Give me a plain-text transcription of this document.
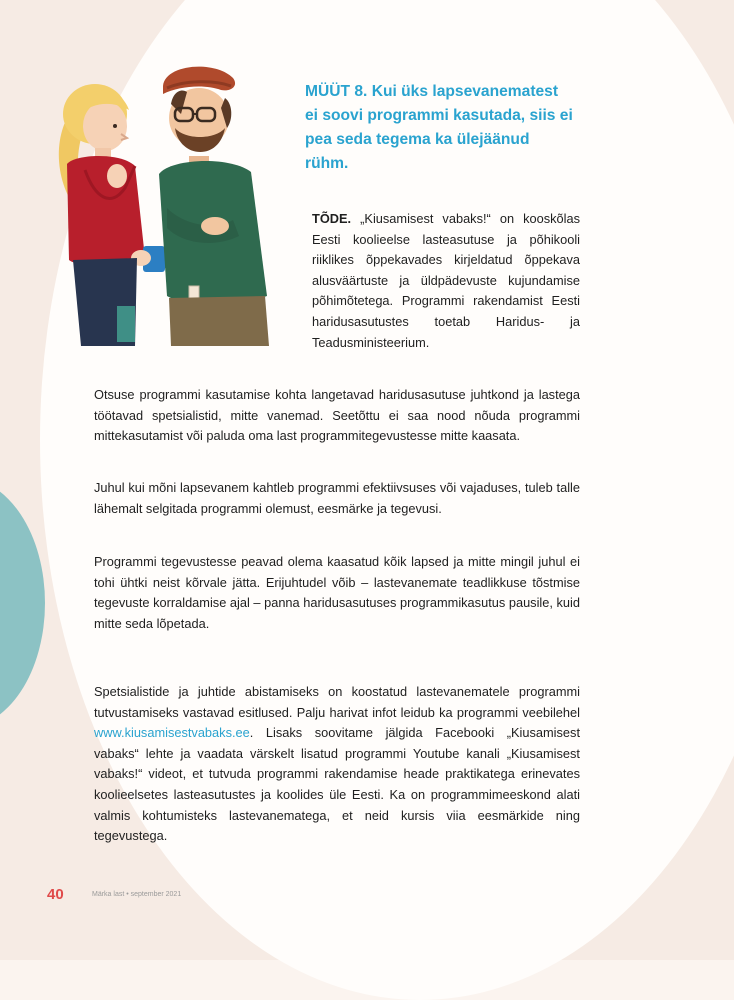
MÜÜT 8. Kui üks lapsevanematest ei soovi programmi kasutada, siis ei pea seda tegema ka ülejäänud rühm.

TÕDE. „Kiusamisest vabaks!“ on kooskõlas Eesti koolieelse lasteasutuse ja põhikooli riiklikes õppekavades kirjeldatud õppekava alusväärtuste ja üldpädevuste kujundamise põhimõtetega. Programmi rakendamist Eesti haridusasutustes toetab Haridus- ja Teadusministeerium.

Otsuse programmi kasutamise kohta langetavad haridusasutuse juhtkond ja lastega töötavad spetsialistid, mitte vanemad. Seetõttu ei saa nood nõuda programmi mittekasutamist või paluda oma last programmitegevustesse mitte kaasata.

Juhul kui mõni lapsevanem kahtleb programmi efektiivsuses või vajaduses, tuleb talle lähemalt selgitada programmi olemust, eesmärke ja tegevusi.

Programmi tegevustesse peavad olema kaasatud kõik lapsed ja mitte mingil juhul ei tohi ühtki neist kõrvale jätta. Erijuhtudel võib – lastevanemate teadlikkuse tõstmise tegevuste korraldamise ajal – panna haridusasutuses programmikasutus pausile, kuid mitte seda lõpetada.

Spetsialistide ja juhtide abistamiseks on koostatud lastevanematele programmi tutvustamiseks vastavad esitlused. Palju harivat infot leidub ka programmi veebilehel www.kiusamisestvabaks.ee. Lisaks soovitame jälgida Facebooki „Kiusamisest vabaks“ lehte ja vaadata värskelt lisatud programmi Youtube kanali „Kiusamisest vabaks!“ videot, et tutvuda programmi rakendamise heade praktikatega erinevates koolieelsetes lasteasutustes ja koolides üle Eesti. Ka on programmimeeskond alati valmis kohtumisteks lastevanematega, et neid kursis viia eesmärkide ning tegevustega.

40	Märka last • september 2021
